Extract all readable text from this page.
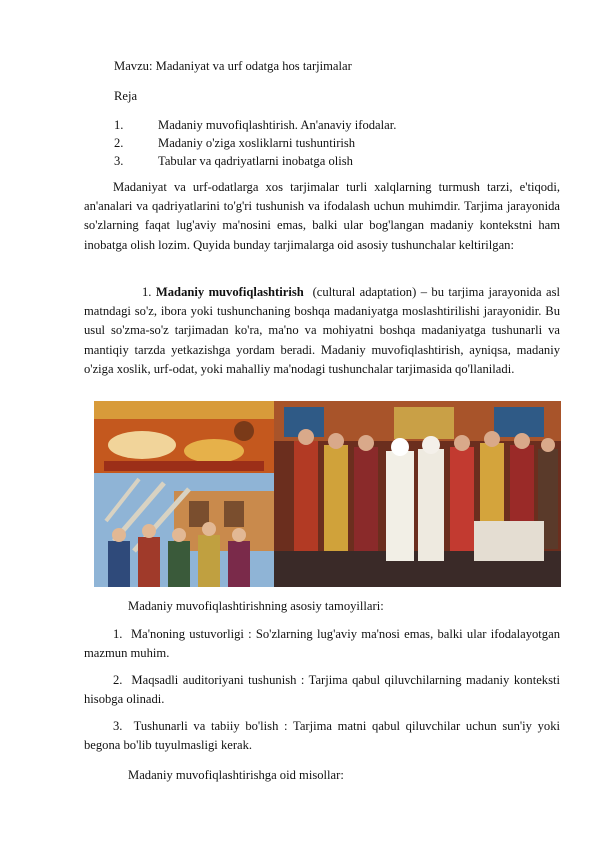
Mavzu: Madaniyat va urf odatga hos tarjimalar
Reja
1.	Madaniy muvofiqlashtirish. An'anaviy ifodalar.
2.	Madaniy o'ziga xosliklarni tushuntirish
3.	Tabular va qadriyatlarni inobatga olish

Madaniyat va urf-odatlarga xos tarjimalar turli xalqlarning turmush tarzi, e'tiqodi, an'analari va qadriyatlarini to'g'ri tushunish va ifodalash uchun muhimdir. Tarjima jarayonida so'zlarning faqat lug'aviy ma'nosini emas, balki ular bog'langan madaniy kontekstni ham inobatga olish lozim. Quyida bunday tarjimalarga oid asosiy tushunchalar keltirilgan:

1. Madaniy muvofiqlashtirish (cultural adaptation) – bu tarjima jarayonida asl matndagi so'z, ibora yoki tushunchaning boshqa madaniyatga moslashtirilishi jarayonidir. Bu usul so'zma-so'z tarjimadan ko'ra, ma'no va mohiyatni boshqa madaniyatga tushunarli va mantiqiy tarzda yetkazishga yordam beradi. Madaniy muvofiqlashtirish, ayniqsa, madaniy o'ziga xoslik, urf-odat, yoki mahalliy ma'nodagi tushunchalar tarjimasida qo'llaniladi.

Madaniy muvofiqlashtirishning asosiy tamoyillari:

1. Ma'noning ustuvorligi : So'zlarning lug'aviy ma'nosi emas, balki ular ifodalayotgan mazmun muhim.

2. Maqsadli auditoriyani tushunish : Tarjima qabul qiluvchilarning madaniy konteksti hisobga olinadi.

3. Tushunarli va tabiiy bo'lish : Tarjima matni qabul qiluvchilar uchun sun'iy yoki begona bo'lib tuyulmasligi kerak.

Madaniy muvofiqlashtirishga oid misollar:
